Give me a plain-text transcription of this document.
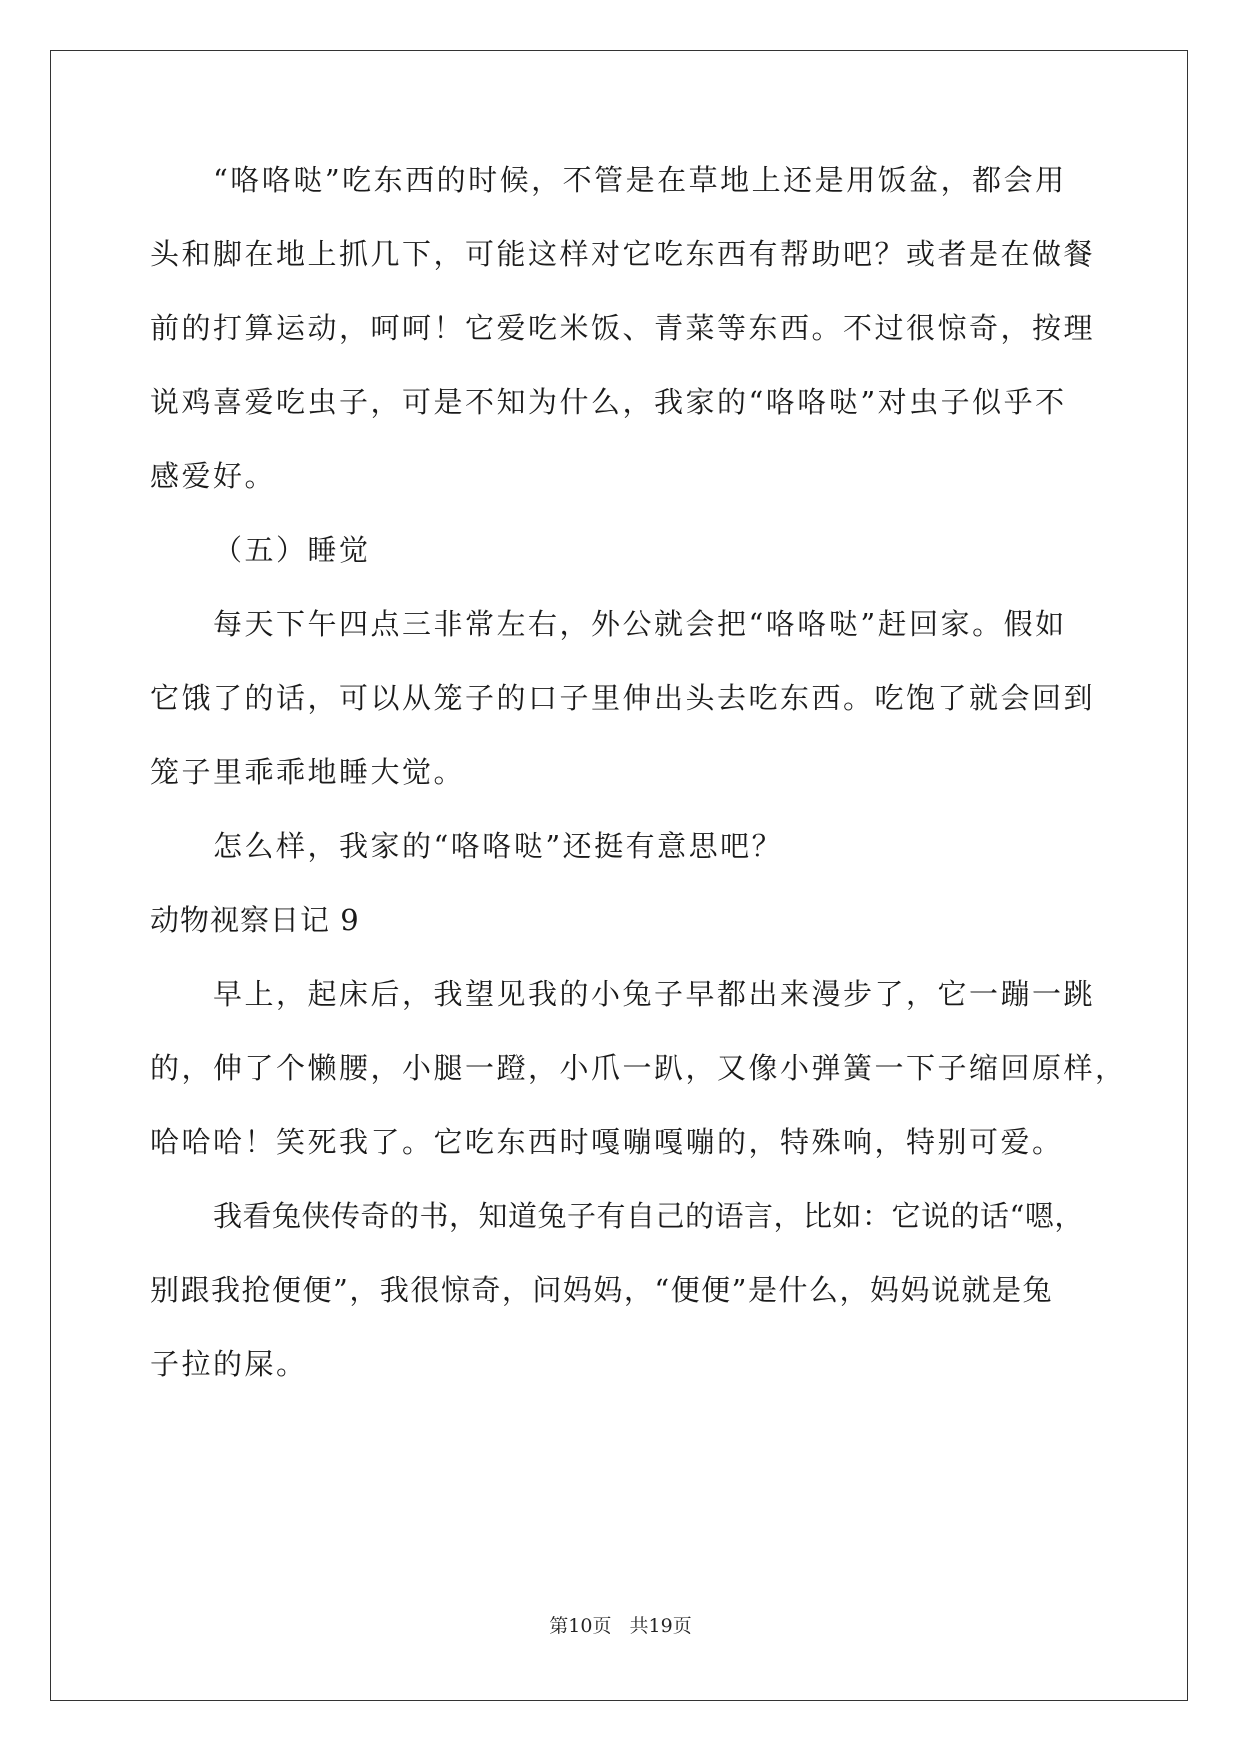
“咯咯哒”吃东西的时候，不管是在草地上还是用饭盆，都会用
头和脚在地上抓几下，可能这样对它吃东西有帮助吧？或者是在做餐
前的打算运动，呵呵！它爱吃米饭、青菜等东西。不过很惊奇，按理
说鸡喜爱吃虫子，可是不知为什么，我家的“咯咯哒”对虫子似乎不
感爱好。
（五）睡觉
每天下午四点三非常左右，外公就会把“咯咯哒”赶回家。假如
它饿了的话，可以从笼子的口子里伸出头去吃东西。吃饱了就会回到
笼子里乖乖地睡大觉。
怎么样，我家的“咯咯哒”还挺有意思吧？
动物视察日记 9
早上，起床后，我望见我的小兔子早都出来漫步了，它一蹦一跳
的，伸了个懒腰，小腿一蹬，小爪一趴，又像小弹簧一下子缩回原样，
哈哈哈！笑死我了。它吃东西时嘎嘣嘎嘣的，特殊响，特别可爱。
我看兔侠传奇的书，知道兔子有自己的语言，比如：它说的话“嗯，
别跟我抢便便”，我很惊奇，问妈妈，“便便”是什么，妈妈说就是兔
子拉的屎。
第10页 共19页
